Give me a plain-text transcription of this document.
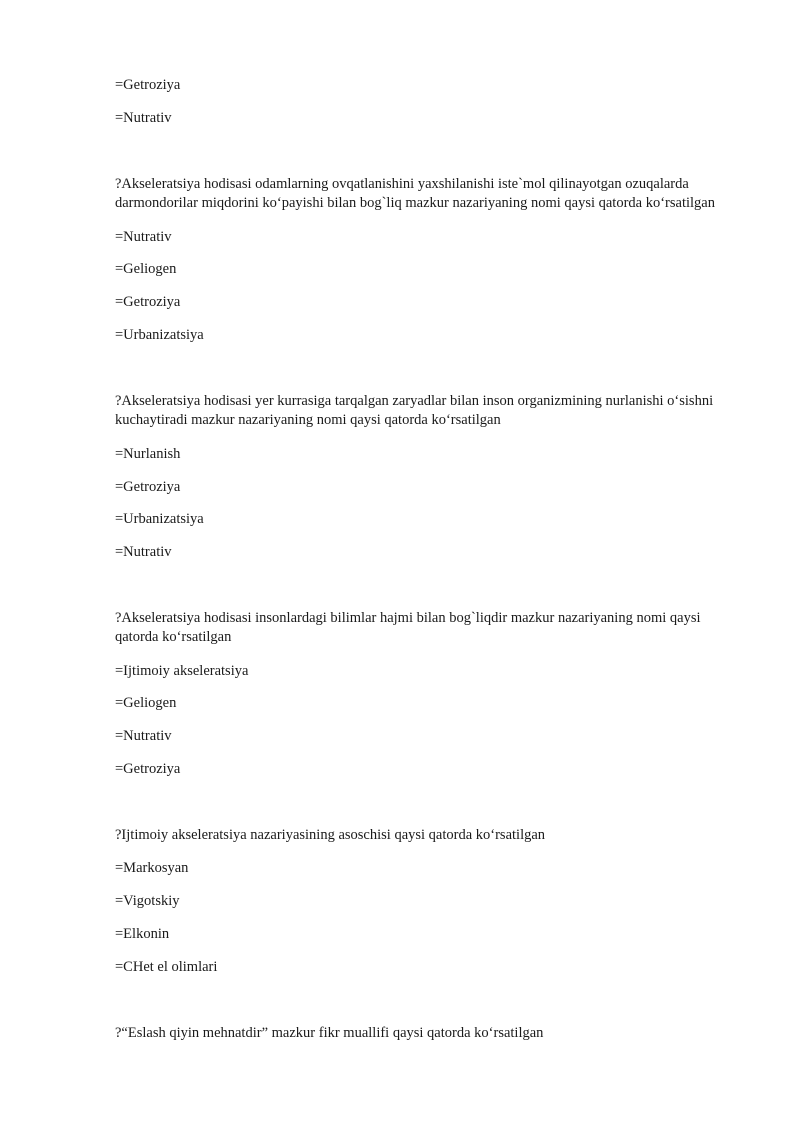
=Getroziya

=Nutrativ

?Akseleratsiya hodisasi odamlarning ovqatlanishini yaxshilanishi iste`mol qilinayotgan ozuqalarda darmondorilar miqdorini koʻpayishi bilan bog`liq mazkur nazariyaning nomi qaysi qatorda koʻrsatilgan

=Nutrativ

=Geliogen

=Getroziya

=Urbanizatsiya

?Akseleratsiya hodisasi yer kurrasiga tarqalgan zaryadlar bilan inson organizmining nurlanishi oʻsishni kuchaytiradi mazkur nazariyaning nomi qaysi qatorda koʻrsatilgan

=Nurlanish

=Getroziya

=Urbanizatsiya

=Nutrativ

?Akseleratsiya hodisasi insonlardagi bilimlar hajmi bilan bog`liqdir mazkur nazariyaning nomi qaysi qatorda koʻrsatilgan

=Ijtimoiy akseleratsiya

=Geliogen

=Nutrativ

=Getroziya

?Ijtimoiy akseleratsiya nazariyasining asoschisi qaysi qatorda koʻrsatilgan

=Markosyan

=Vigotskiy

=Elkonin

=CHet el olimlari

?“Eslash qiyin mehnatdir” mazkur fikr muallifi qaysi qatorda koʻrsatilgan
